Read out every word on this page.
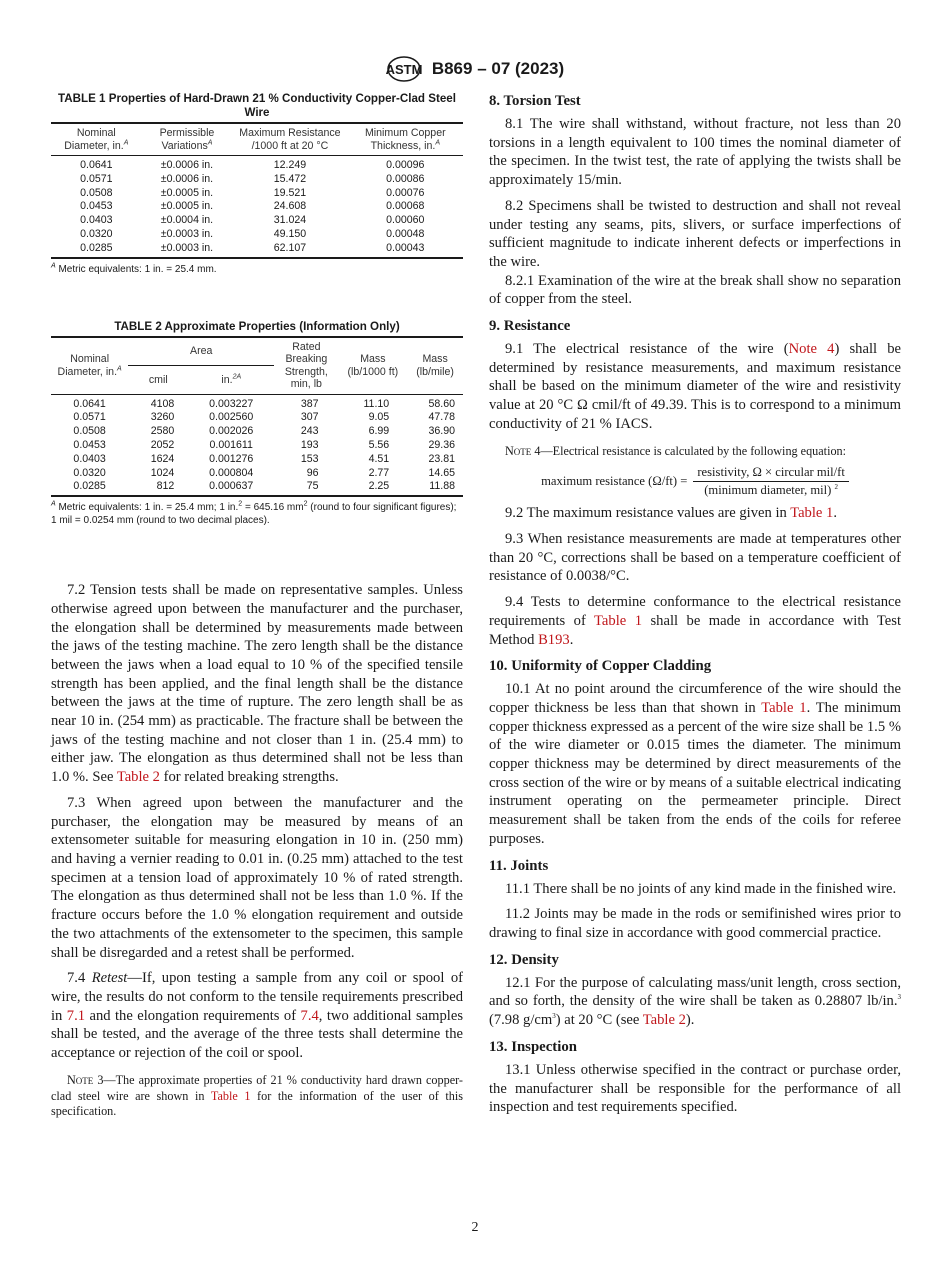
ASTM B869 – 07 (2023)
TABLE 1 Properties of Hard-Drawn 21 % Conductivity Copper-Clad Steel Wire
Nominal Diameter, in.$^A$	Permissible Variations$^A$	Maximum Resistance /1000 ft at 20 °C	Minimum Copper Thickness, in.$^A$
0.0641	±0.0006 in.	12.249	0.00096
0.0571	±0.0006 in.	15.472	0.00086
0.0508	±0.0005 in.	19.521	0.00076
0.0453	±0.0005 in.	24.608	0.00068
0.0403	±0.0004 in.	31.024	0.00060
0.0320	±0.0003 in.	49.150	0.00048
0.0285	±0.0003 in.	62.107	0.00043
$^A$ Metric equivalents: 1 in. = 25.4 mm.
TABLE 2 Approximate Properties (Information Only)
Nominal Diameter, in.$^A$	Area		Rated Breaking Strength, min, lb	Mass (lb/1000 ft)	Mass (lb/mile)
	cmil	in.$^{2A}$
0.0641	4108	0.003227	387	11.10	58.60
0.0571	3260	0.002560	307	9.05	47.78
0.0508	2580	0.002026	243	6.99	36.90
0.0453	2052	0.001611	193	5.56	29.36
0.0403	1624	0.001276	153	4.51	23.81
0.0320	1024	0.000804	96	2.77	14.65
0.0285	812	0.000637	75	2.25	11.88
$^A$ Metric equivalents: 1 in. = 25.4 mm; 1 in.$^2$ = 645.16 $mm^2$ (round to four significant figures); 1 mil = 0.0254 mm (round to two decimal places).

7.2 Tension tests shall be made on representative samples. Unless otherwise agreed upon between the manufacturer and the purchaser, the elongation shall be determined by measurements made between the jaws of the testing machine. The zero length shall be the distance between the jaws when a load equal to 10 % of the specified tensile strength has been applied, and the final length shall be the distance between the jaws at the time of rupture. The zero length shall be as near 10 in. (254 mm) as practicable. The fracture shall be between the jaws of the testing machine and not closer than 1 in. (25.4 mm) to either jaw. The elongation as thus determined shall not be less than 1.0 %. See Table 2 for related breaking strengths.

7.3 When agreed upon between the manufacturer and the purchaser, the elongation may be measured by means of an extensometer suitable for measuring elongation in 10 in. (250 mm) and having a vernier reading to 0.01 in. (0.25 mm) attached to the test specimen at a tension load of approximately 10 % of rated strength. The elongation as thus determined shall not be less than 1.0 %. If the fracture occurs before the 1.0 % elongation requirement and outside the two attachments of the extensometer to the specimen, this sample shall be disregarded and a retest shall be performed.

7.4 Retest—If, upon testing a sample from any coil or spool of wire, the results do not conform to the tensile requirements prescribed in 7.1 and the elongation requirements of 7.4, two additional samples shall be tested, and the average of the three tests shall determine the acceptance or rejection of the coil or spool.

Note 3—The approximate properties of 21 % conductivity hard drawn copper-clad steel wire are shown in Table 1 for the information of the user of this specification.

8. Torsion Test

8.1 The wire shall withstand, without fracture, not less than 20 torsions in a length equivalent to 100 times the nominal diameter of the specimen. In the twist test, the rate of applying the twists shall be approximately 15/min.

8.2 Specimens shall be twisted to destruction and shall not reveal under testing any seams, pits, slivers, or surface imperfections of sufficient magnitude to indicate inherent defects or imperfections in the wire.

8.2.1 Examination of the wire at the break shall show no separation of copper from the steel.

9. Resistance

9.1 The electrical resistance of the wire (Note 4) shall be determined by resistance measurements, and maximum resistance shall be based on the minimum diameter of the wire and resistivity value at 20 °C Ω cmil/ft of 49.39. This is to correspond to a minimum conductivity of 21 % IACS.

Note 4—Electrical resistance is calculated by the following equation:

maximum resistance $(\Omega/ft) = \frac{\text{resistivity, Ω × circular mil/ft}}{(minimum diameter, mil) ^2}$

9.2 The maximum resistance values are given in Table 1.

9.3 When resistance measurements are made at temperatures other than 20 °C, corrections shall be based on a temperature coefficient of resistance of 0.0038/°C.

9.4 Tests to determine conformance to the electrical resistance requirements of Table 1 shall be made in accordance with Test Method B193.

10. Uniformity of Copper Cladding

10.1 At no point around the circumference of the wire should the copper thickness be less than that shown in Table 1. The minimum copper thickness expressed as a percent of the wire size shall be 1.5 % of the wire diameter or 0.015 times the diameter. The minimum copper thickness may be determined by direct measurements of the cross section of the wire or by means of a suitable electrical indicating instrument operating on the permeameter principle. Direct measurement shall be taken from the ends of the coils for referee purposes.

11. Joints

11.1 There shall be no joints of any kind made in the finished wire.

11.2 Joints may be made in the rods or semifinished wires prior to drawing to final size in accordance with good commercial practice.

12. Density

12.1 For the purpose of calculating mass/unit length, cross section, and so forth, the density of the wire shall be taken as 0.28807 lb/in.$^3$ (7.98 $g/cm^3$) at 20 °C (see Table 2).

13. Inspection

13.1 Unless otherwise specified in the contract or purchase order, the manufacturer shall be responsible for the performance of all inspection and test requirements specified.

2
